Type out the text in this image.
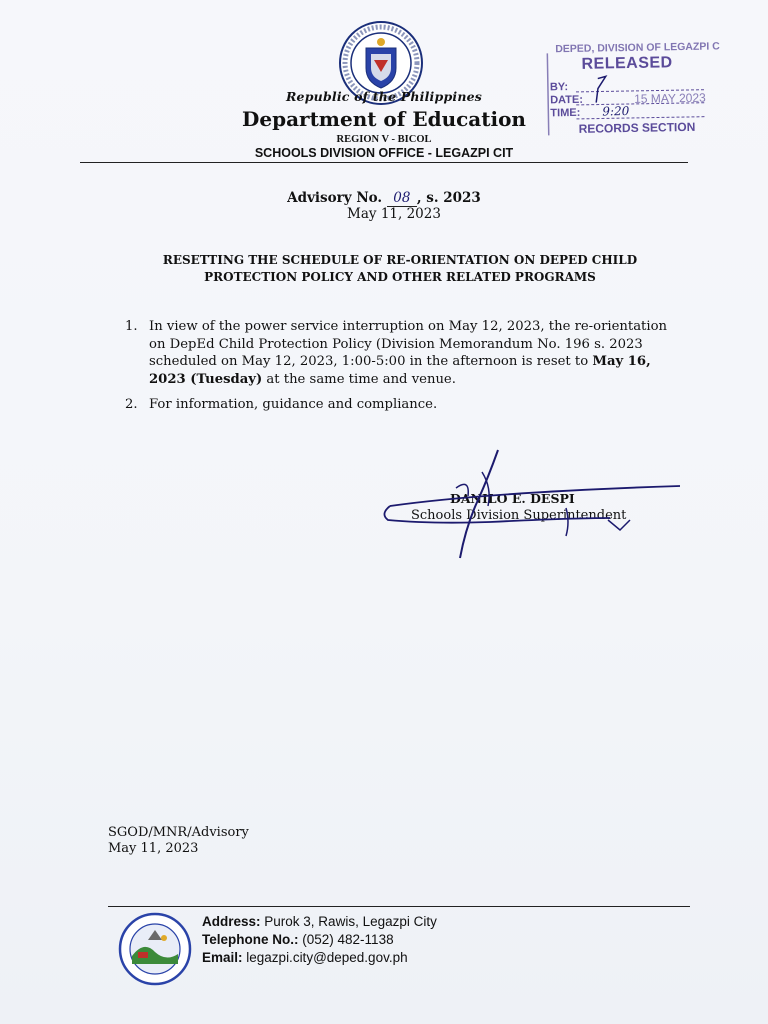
Republic of the Philippines
Department of Education
REGION V - BICOL
SCHOOLS DIVISION OFFICE - LEGAZPI CIT
DEPED, DIVISION OF LEGAZPI C
RELEASED
BY:
DATE:
TIME:
15 MAY 2023
9:20
RECORDS SECTION
Advisory No. 08 , s. 2023
May 11, 2023
RESETTING THE SCHEDULE OF RE-ORIENTATION ON DEPED CHILD
PROTECTION POLICY AND OTHER RELATED PROGRAMS
1. In view of the power service interruption on May 12, 2023, the re-orientation
on DepEd Child Protection Policy (Division Memorandum No. 196 s. 2023
scheduled on May 12, 2023, 1:00-5:00 in the afternoon is reset to May 16,
2023 (Tuesday) at the same time and venue.
2. For information, guidance and compliance.
DANILO E. DESPI
Schools Division Superintendent
SGOD/MNR/Advisory
May 11, 2023
Address: Purok 3, Rawis, Legazpi City
Telephone No.: (052) 482-1138
Email: legazpi.city@deped.gov.ph
